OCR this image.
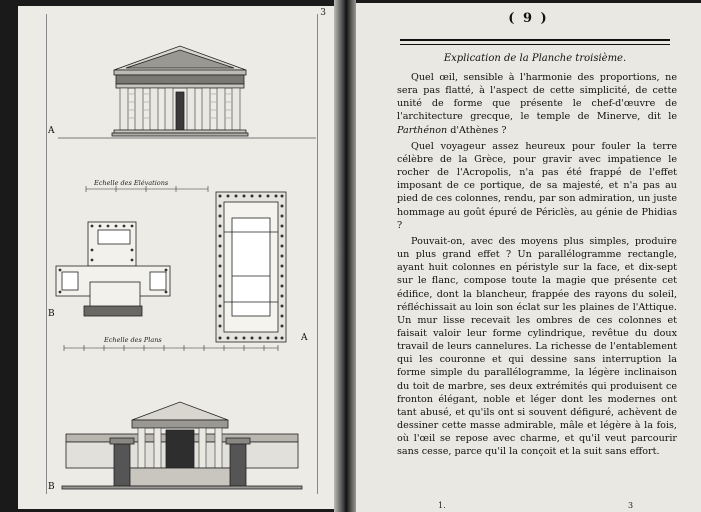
3
A
B
A
B
Echelle des Elévations
Echelle des Plans
( 9 )
Explication de la Planche troisième.

Quel œil, sensible à l'harmonie des proportions, ne sera pas flatté, à l'aspect de cette simplicité, de cette unité de forme que présente le chef-d'œuvre de l'architecture grecque, le temple de Minerve, dit le Parthénon d'Athènes ?

Quel voyageur assez heureux pour fouler la terre célèbre de la Grèce, pour gravir avec impatience le rocher de l'Acropolis, n'a pas été frappé de l'effet imposant de ce portique, de sa majesté, et n'a pas au pied de ces colonnes, rendu, par son admiration, un juste hommage au goût épuré de Périclès, au génie de Phidias ?

Pouvait-on, avec des moyens plus simples, produire un plus grand effet ? Un parallélogramme rectangle, ayant huit colonnes en péristyle sur la face, et dix-sept sur le flanc, compose toute la magie que présente cet édifice, dont la blancheur, frappée des rayons du soleil, réfléchissait au loin son éclat sur les plaines de l'Attique. Un mur lisse recevait les ombres de ces colonnes et faisait valoir leur forme cylindrique, revêtue du doux travail de leurs cannelures. La richesse de l'entablement qui les couronne et qui dessine sans interruption la forme simple du parallélogramme, la légère inclinaison du toit de marbre, ses deux extrémités qui produisent ce fronton élégant, noble et léger dont les modernes ont tant abusé, et qu'ils ont si souvent défiguré, achèvent de dessiner cette masse admirable, mâle et légère à la fois, où l'œil se repose avec charme, et qu'il veut parcourir sans cesse, parce qu'il la conçoit et la suit sans effort.

1.	3
